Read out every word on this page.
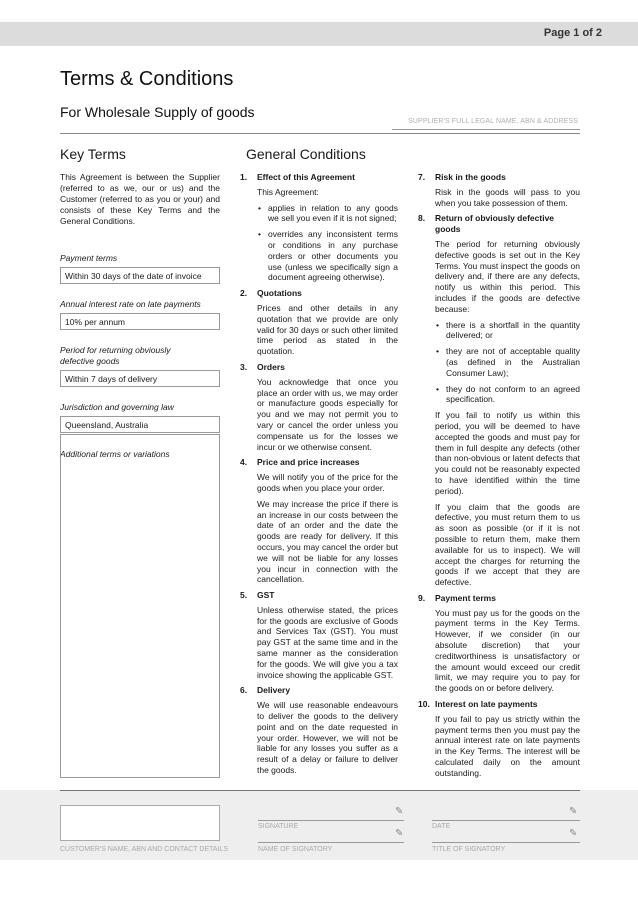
Page 1 of 2
Terms & Conditions
For Wholesale Supply of goods
SUPPLIER'S FULL LEGAL NAME, ABN & ADDRESS
Key Terms	General Conditions

This Agreement is between the Supplier (referred to as we, our or us) and the Customer (referred to as you or your) and consists of these Key Terms and the General Conditions.

Payment terms
Within 30 days of the date of invoice
Annual interest rate on late payments
10% per annum
Period for returning obviously defective goods
Within 7 days of delivery
Jurisdiction and governing law
Queensland, Australia
Additional terms or variations
1. Effect of this Agreement

This Agreement:

• applies in relation to any goods we sell you even if it is not signed;
• overrides any inconsistent terms or conditions in any purchase orders or other documents you use (unless we specifically sign a document agreeing otherwise).
2. Quotations

Prices and other details in any quotation that we provide are only valid for 30 days or such other limited time period as stated in the quotation.

3. Orders

You acknowledge that once you place an order with us, we may order or manufacture goods especially for you and we may not permit you to vary or cancel the order unless you compensate us for the losses we incur or we otherwise consent.

4. Price and price increases

We will notify you of the price for the goods when you place your order.

We may increase the price if there is an increase in our costs between the date of an order and the date the goods are ready for delivery. If this occurs, you may cancel the order but we will not be liable for any losses you incur in connection with the cancellation.

5. GST

Unless otherwise stated, the prices for the goods are exclusive of Goods and Services Tax (GST). You must pay GST at the same time and in the same manner as the consideration for the goods. We will give you a tax invoice showing the applicable GST.

6. Delivery

We will use reasonable endeavours to deliver the goods to the delivery point and on the date requested in your order. However, we will not be liable for any losses you suffer as a result of a delay or failure to deliver the goods.

7. Risk in the goods

Risk in the goods will pass to you when you take possession of them.

8. Return of obviously defective goods

The period for returning obviously defective goods is set out in the Key Terms. You must inspect the goods on delivery and, if there are any defects, notify us within this period. This includes if the goods are defective because:

• there is a shortfall in the quantity delivered; or
• they are not of acceptable quality (as defined in the Australian Consumer Law);
• they do not conform to an agreed specification.

If you fail to notify us within this period, you will be deemed to have accepted the goods and must pay for them in full despite any defects (other than non-obvious or latent defects that you could not be reasonably expected to have identified within the time period).

If you claim that the goods are defective, you must return them to us as soon as possible (or if it is not possible to return them, make them available for us to inspect). We will accept the charges for returning the goods if we accept that they are defective.

9. Payment terms

You must pay us for the goods on the payment terms in the Key Terms. However, if we consider (in our absolute discretion) that your creditworthiness is unsatisfactory or the amount would exceed our credit limit, we may require you to pay for the goods on or before delivery.

10. Interest on late payments

If you fail to pay us strictly within the payment terms then you must pay the annual interest rate on late payments in the Key Terms. The interest will be calculated daily on the amount outstanding.

CUSTOMER'S NAME, ABN AND CONTACT DETAILS
✎
SIGNATURE
✎
DATE
✎
NAME OF SIGNATORY
✎
TITLE OF SIGNATORY
